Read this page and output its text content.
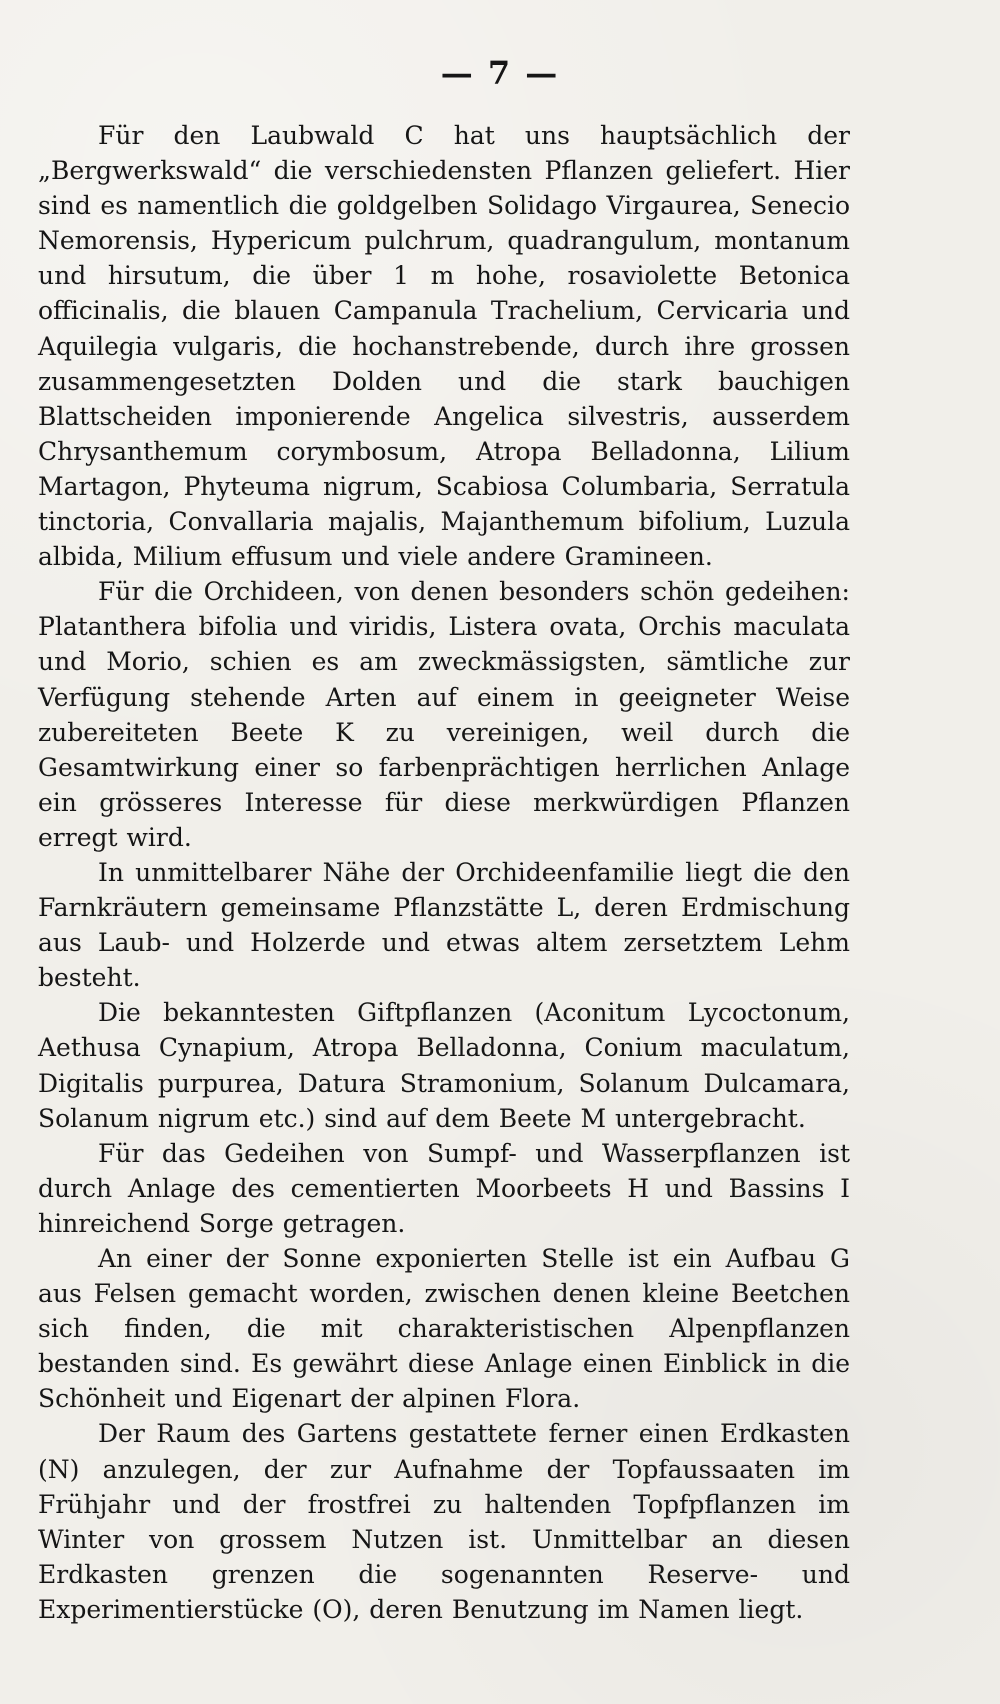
— 7 —

Für den Laubwald C hat uns hauptsächlich der „Bergwerkswald“ die verschiedensten Pflanzen geliefert. Hier sind es namentlich die goldgelben Solidago Virgaurea, Senecio Nemorensis, Hypericum pulchrum, quadrangulum, montanum und hirsutum, die über 1 m hohe, rosaviolette Betonica officinalis, die blauen Campanula Trachelium, Cervicaria und Aquilegia vulgaris, die hochanstrebende, durch ihre grossen zusammengesetzten Dolden und die stark bauchigen Blattscheiden imponierende Angelica silvestris, ausserdem Chrysanthemum corymbosum, Atropa Belladonna, Lilium Martagon, Phyteuma nigrum, Scabiosa Columbaria, Serratula tinctoria, Convallaria majalis, Majanthemum bifolium, Luzula albida, Milium effusum und viele andere Gramineen.

Für die Orchideen, von denen besonders schön gedeihen: Platanthera bifolia und viridis, Listera ovata, Orchis maculata und Morio, schien es am zweckmässigsten, sämtliche zur Verfügung stehende Arten auf einem in geeigneter Weise zubereiteten Beete K zu vereinigen, weil durch die Gesamtwirkung einer so farbenprächtigen herrlichen Anlage ein grösseres Interesse für diese merkwürdigen Pflanzen erregt wird.

In unmittelbarer Nähe der Orchideenfamilie liegt die den Farnkräutern gemeinsame Pflanzstätte L, deren Erdmischung aus Laub- und Holzerde und etwas altem zersetztem Lehm besteht.

Die bekanntesten Giftpflanzen (Aconitum Lycoctonum, Aethusa Cynapium, Atropa Belladonna, Conium maculatum, Digitalis purpurea, Datura Stramonium, Solanum Dulcamara, Solanum nigrum etc.) sind auf dem Beete M untergebracht.

Für das Gedeihen von Sumpf- und Wasserpflanzen ist durch Anlage des cementierten Moorbeets H und Bassins I hinreichend Sorge getragen.

An einer der Sonne exponierten Stelle ist ein Aufbau G aus Felsen gemacht worden, zwischen denen kleine Beetchen sich finden, die mit charakteristischen Alpenpflanzen bestanden sind. Es gewährt diese Anlage einen Einblick in die Schönheit und Eigenart der alpinen Flora.

Der Raum des Gartens gestattete ferner einen Erdkasten (N) anzulegen, der zur Aufnahme der Topfaussaaten im Frühjahr und der frostfrei zu haltenden Topfpflanzen im Winter von grossem Nutzen ist. Unmittelbar an diesen Erdkasten grenzen die sogenannten Reserve- und Experimentierstücke (O), deren Benutzung im Namen liegt.
